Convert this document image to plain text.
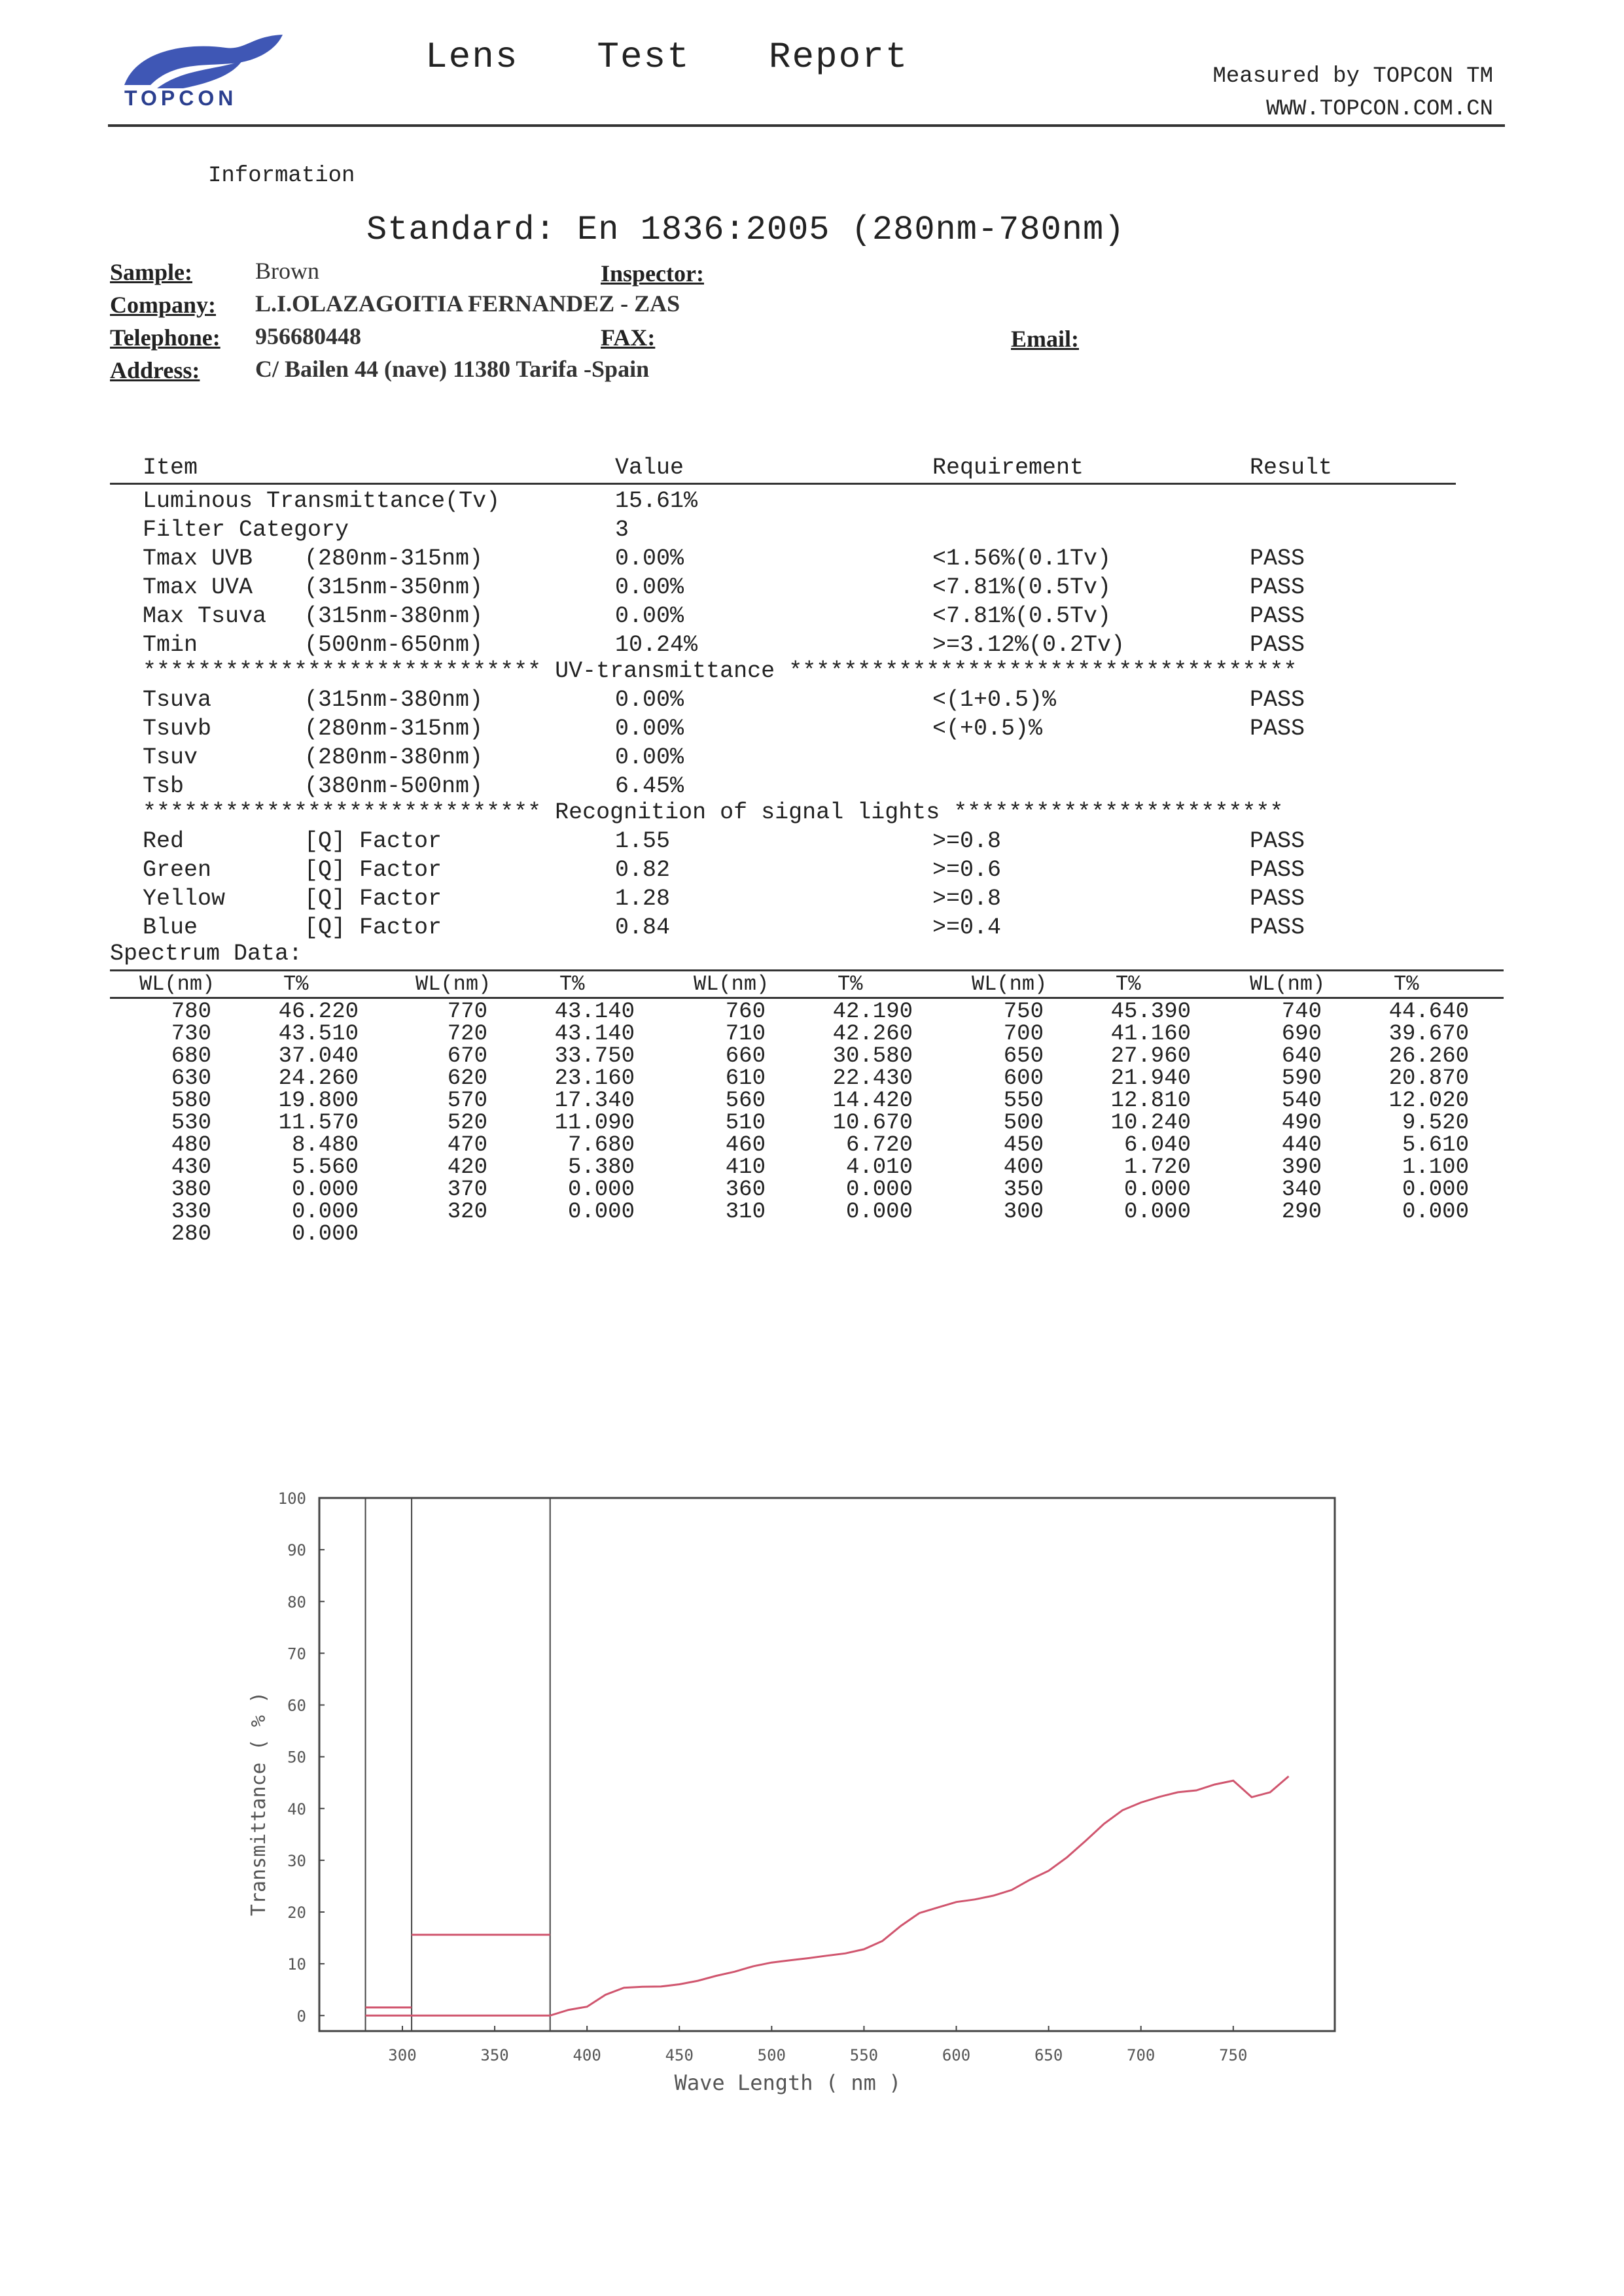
TOPCON
Lens Test Report	Measured by TOPCON TM
WWW.TOPCON.COM.CN
Information
Standard: En 1836:2005 (280nm-780nm)
Sample:	Brown	Inspector:
Company: L.I.OLAZAGOITIA FERNANDEZ - ZAS
Telephone: 956680448	FAX:	Email:
Address: C/ Bailen 44 (nave) 11380 Tarifa -Spain
Item	Value	Requirement	Result
Luminous Transmittance(Tv)	15.61%
Filter Category	3
Tmax UVB (280nm-315nm)	0.00%	<1.56%(0.1Tv)	PASS
Tmax UVA (315nm-350nm)	0.00%	<7.81%(0.5Tv)	PASS
Max Tsuva (315nm-380nm)	0.00%	<7.81%(0.5Tv)	PASS
Tmin	(500nm-650nm)	10.24%	>=3.12%(0.2Tv)	PASS
***************************** UV-transmittance *************************************
Tsuva	(315nm-380nm)	0.00%	<(1+0.5)%	PASS
Tsuvb	(280nm-315nm)	0.00%	<(+0.5)%	PASS
Tsuv	(280nm-380nm)	0.00%
Tsb	(380nm-500nm)	6.45%
***************************** Recognition of signal lights ************************
Red	[Q] Factor	1.55	>=0.8	PASS
Green	[Q] Factor	0.82	>=0.6	PASS
Yellow	[Q] Factor	1.28	>=0.8	PASS
Blue	[Q] Factor	0.84	>=0.4	PASS
Spectrum Data:
WL(nm)	T%	WL(nm)	T%	WL(nm)	T%	WL(nm)	T%	WL(nm)	T%
780	46.220	770	43.140	760	42.190	750	45.390	740	44.640
730	43.510	720	43.140	710	42.260	700	41.160	690	39.670
680	37.040	670	33.750	660	30.580	650	27.960	640	26.260
630	24.260	620	23.160	610	22.430	600	21.940	590	20.870
580	19.800	570	17.340	560	14.420	550	12.810	540	12.020
530	11.570	520	11.090	510	10.670	500	10.240	490	9.520
480	8.480	470	7.680	460	6.720	450	6.040	440	5.610
430	5.560	420	5.380	410	4.010	400	1.720	390	1.100
380	0.000	370	0.000	360	0.000	350	0.000	340	0.000
330	0.000	320	0.000	310	0.000	300	0.000	290	0.000
280	0.000
0
10
20
30
40
50
60
70
80
90
100
300	350	400	450	500	550	600	650	700	750
Wave Length ( nm )
Transmittance ( % )
